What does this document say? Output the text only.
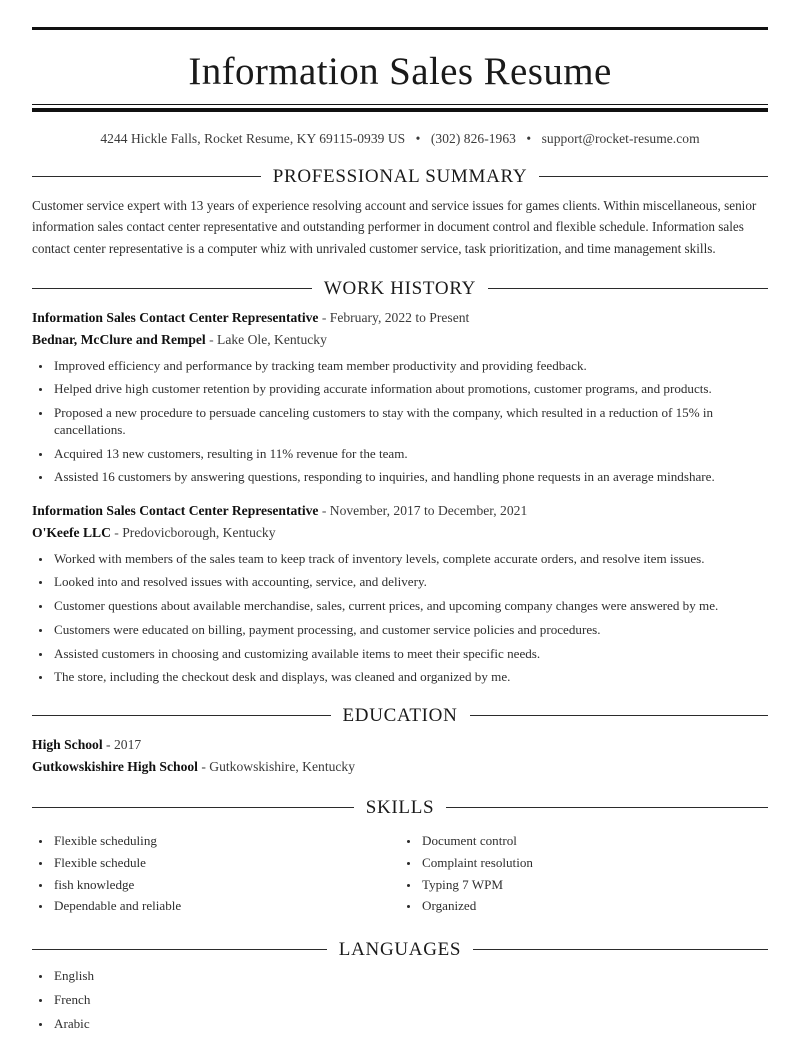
Information Sales Resume
4244 Hickle Falls, Rocket Resume, KY 69115-0939 US • (302) 826-1963 • support@rocket-resume.com
PROFESSIONAL SUMMARY

Customer service expert with 13 years of experience resolving account and service issues for games clients. Within miscellaneous, senior information sales contact center representative and outstanding performer in document control and flexible schedule. Information sales contact center representative is a computer whiz with unrivaled customer service, task prioritization, and time management skills.

WORK HISTORY
Information Sales Contact Center Representative - February, 2022 to Present
Bednar, McClure and Rempel - Lake Ole, Kentucky
Improved efficiency and performance by tracking team member productivity and providing feedback.
Helped drive high customer retention by providing accurate information about promotions, customer programs, and products.
Proposed a new procedure to persuade canceling customers to stay with the company, which resulted in a reduction of 15% in cancellations.
Acquired 13 new customers, resulting in 11% revenue for the team.
Assisted 16 customers by answering questions, responding to inquiries, and handling phone requests in an average mindshare.
Information Sales Contact Center Representative - November, 2017 to December, 2021
O'Keefe LLC - Predovicborough, Kentucky
Worked with members of the sales team to keep track of inventory levels, complete accurate orders, and resolve item issues.
Looked into and resolved issues with accounting, service, and delivery.
Customer questions about available merchandise, sales, current prices, and upcoming company changes were answered by me.
Customers were educated on billing, payment processing, and customer service policies and procedures.
Assisted customers in choosing and customizing available items to meet their specific needs.
The store, including the checkout desk and displays, was cleaned and organized by me.
EDUCATION
High School - 2017
Gutkowskishire High School - Gutkowskishire, Kentucky
SKILLS
Flexible scheduling
Flexible schedule
fish knowledge
Dependable and reliable
Document control
Complaint resolution
Typing 7 WPM
Organized
LANGUAGES
English
French
Arabic
